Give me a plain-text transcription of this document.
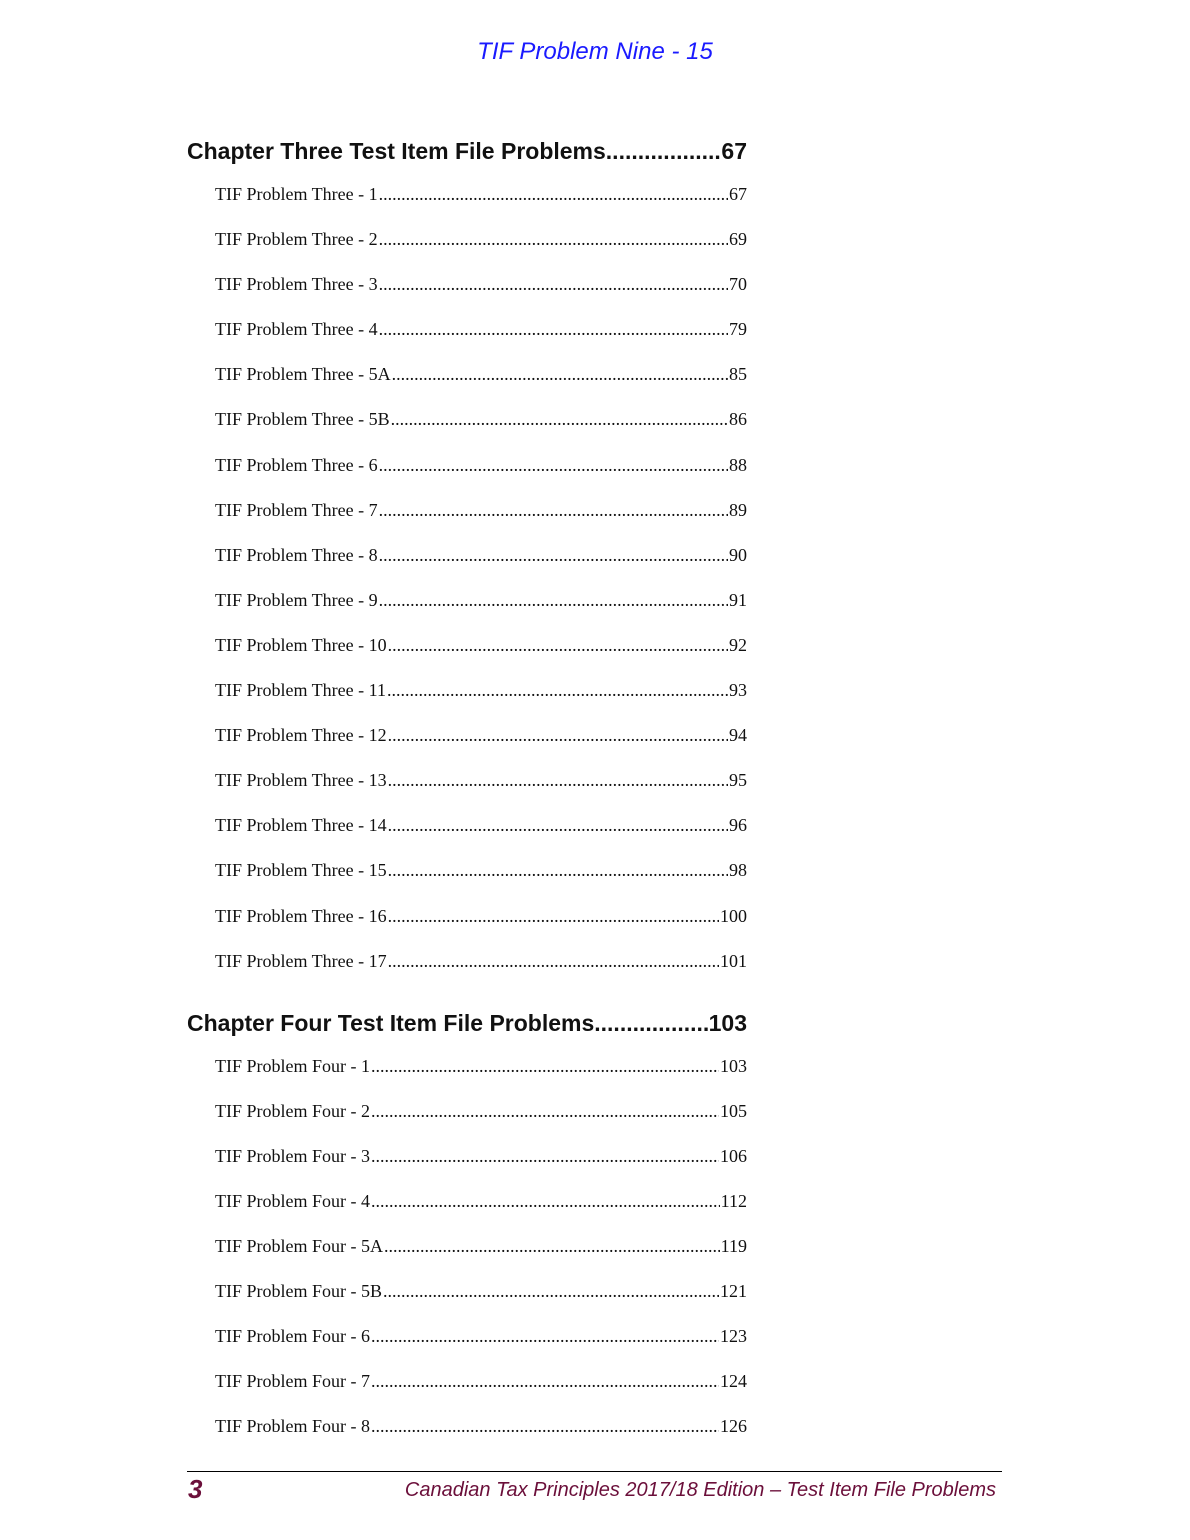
TIF Problem Nine - 15
Chapter Three Test Item File Problems .....	67
TIF Problem Three - 1 .....	67
TIF Problem Three - 2 .....	69
TIF Problem Three - 3 .....	70
TIF Problem Three - 4 .....	79
TIF Problem Three - 5A .....	85
TIF Problem Three - 5B .....	86
TIF Problem Three - 6 .....	88
TIF Problem Three - 7 .....	89
TIF Problem Three - 8 .....	90
TIF Problem Three - 9 .....	91
TIF Problem Three - 10 .....	92
TIF Problem Three - 11 .....	93
TIF Problem Three - 12 .....	94
TIF Problem Three - 13 .....	95
TIF Problem Three - 14 .....	96
TIF Problem Three - 15 .....	98
TIF Problem Three - 16 .....	100
TIF Problem Three - 17 .....	101
Chapter Four Test Item File Problems .....	103
TIF Problem Four - 1 .....	103
TIF Problem Four - 2 .....	105
TIF Problem Four - 3 .....	106
TIF Problem Four - 4 .....	112
TIF Problem Four - 5A .....	119
TIF Problem Four - 5B .....	121
TIF Problem Four - 6 .....	123
TIF Problem Four - 7 .....	124
TIF Problem Four - 8 .....	126
3	Canadian Tax Principles 2017/18 Edition – Test Item File Problems
